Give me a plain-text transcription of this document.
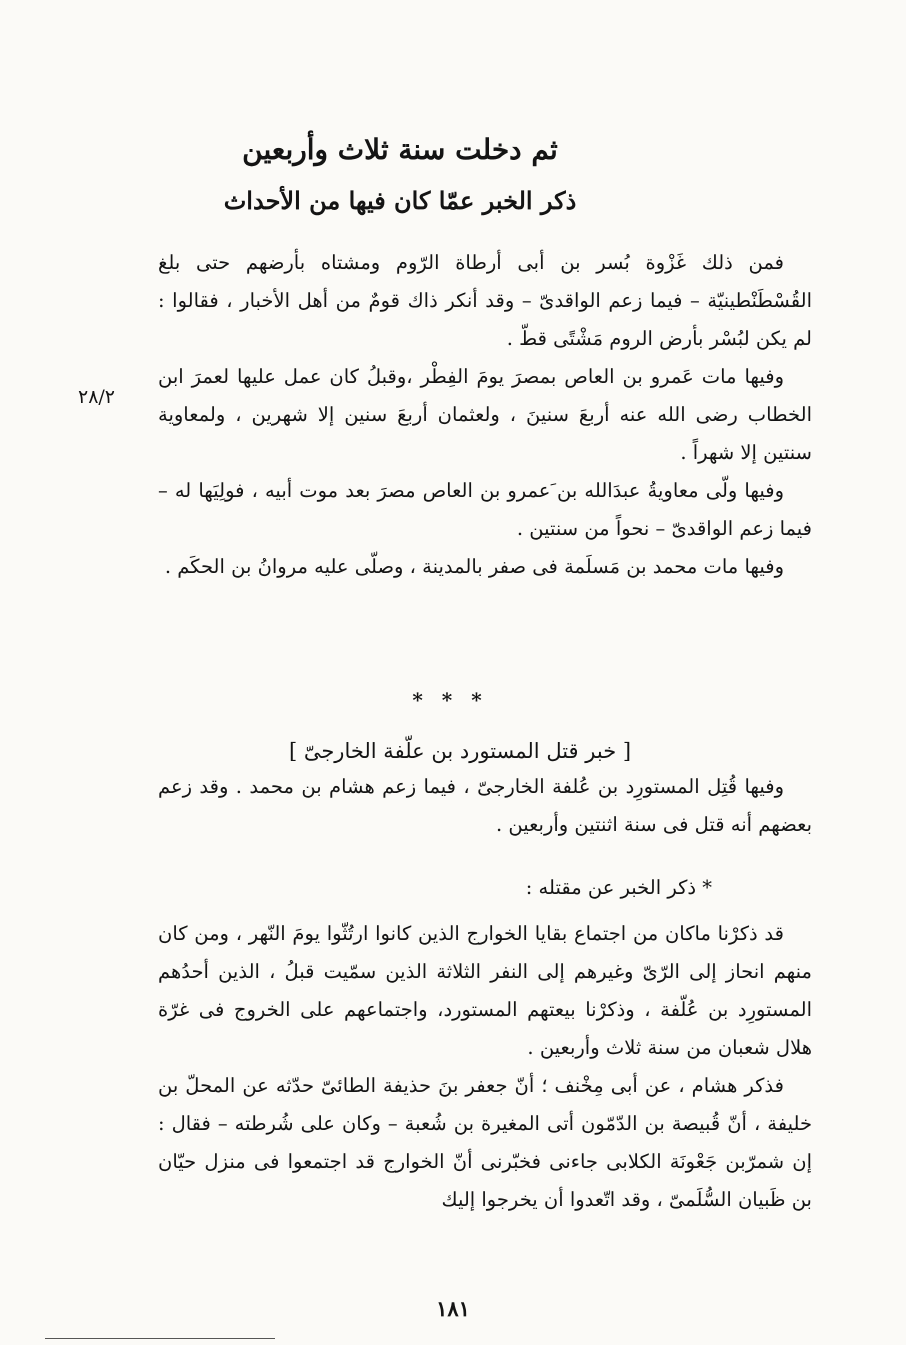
ثم دخلت سنة ثلاث وأربعين
ذكر الخبر عمّا كان فيها من الأحداث
٢٨/٢

فمن ذلك غَزْوة بُسر بن أبى أرطاة الرّوم ومشتاه بأرضهم حتى بلغ القُسْطَنْطينيّة – فيما زعم الواقدىّ – وقد أنكر ذاك قومٌ من أهل الأخبار ، فقالوا : لم يكن لبُسْر بأرض الروم مَشْتًى قطّ .

وفيها مات عَمرو بن العاص بمصرَ يومَ الفِطْر ،وقبلُ كان عمل عليها لعمرَ ابن الخطاب رضى الله عنه أربعَ سنينَ ، ولعثمان أربعَ سنين إلا شهرين ، ولمعاوية سنتين إلا شهراً .

وفيها ولّى معاويةُ عبدَالله بن َعمرو بن العاص مصرَ بعد موت أبيه ، فولِيَها له – فيما زعم الواقدىّ – نحواً من سنتين .

وفيها مات محمد بن مَسلَمة فى صفر بالمدينة ، وصلّى عليه مروانُ بن الحكَم .

* * *
[ خبر قتل المستورد بن علّفة الخارجىّ ]

وفيها قُتِل المستورِد بن عُلفة الخارجىّ ، فيما زعم هشام بن محمد . وقد زعم بعضهم أنه قتل فى سنة اثنتين وأربعين .

* ذكر الخبر عن مقتله :

قد ذكرْنا ماكان من اجتماع بقايا الخوارج الذين كانوا ارتُثّوا يومَ النّهر ، ومن كان منهم انحاز إلى الرّىّ وغيرهم إلى النفر الثلاثة الذين سمّيت قبلُ ، الذين أحدُهم المستورِد بن عُلّفة ، وذكرْنا بيعتهم المستورد، واجتماعهم على الخروج فى غرّة هلال شعبان من سنة ثلاث وأربعين .

فذكر هشام ، عن أبى مِخْنف ؛ أنّ جعفر بنَ حذيفة الطائىّ حدّثه عن المحلّ بن خليفة ، أنّ قُبيصة بن الدّمّون أتى المغيرة بن شُعبة – وكان على شُرطته – فقال : إن شمرّبن جَعْونَة الكلابى جاءنى فخبّرنى أنّ الخوارج قد اجتمعوا فى منزل حيّان بن ظَبيان السُّلَمىّ ، وقد اتّعدوا أن يخرجوا إليك

١٨١
